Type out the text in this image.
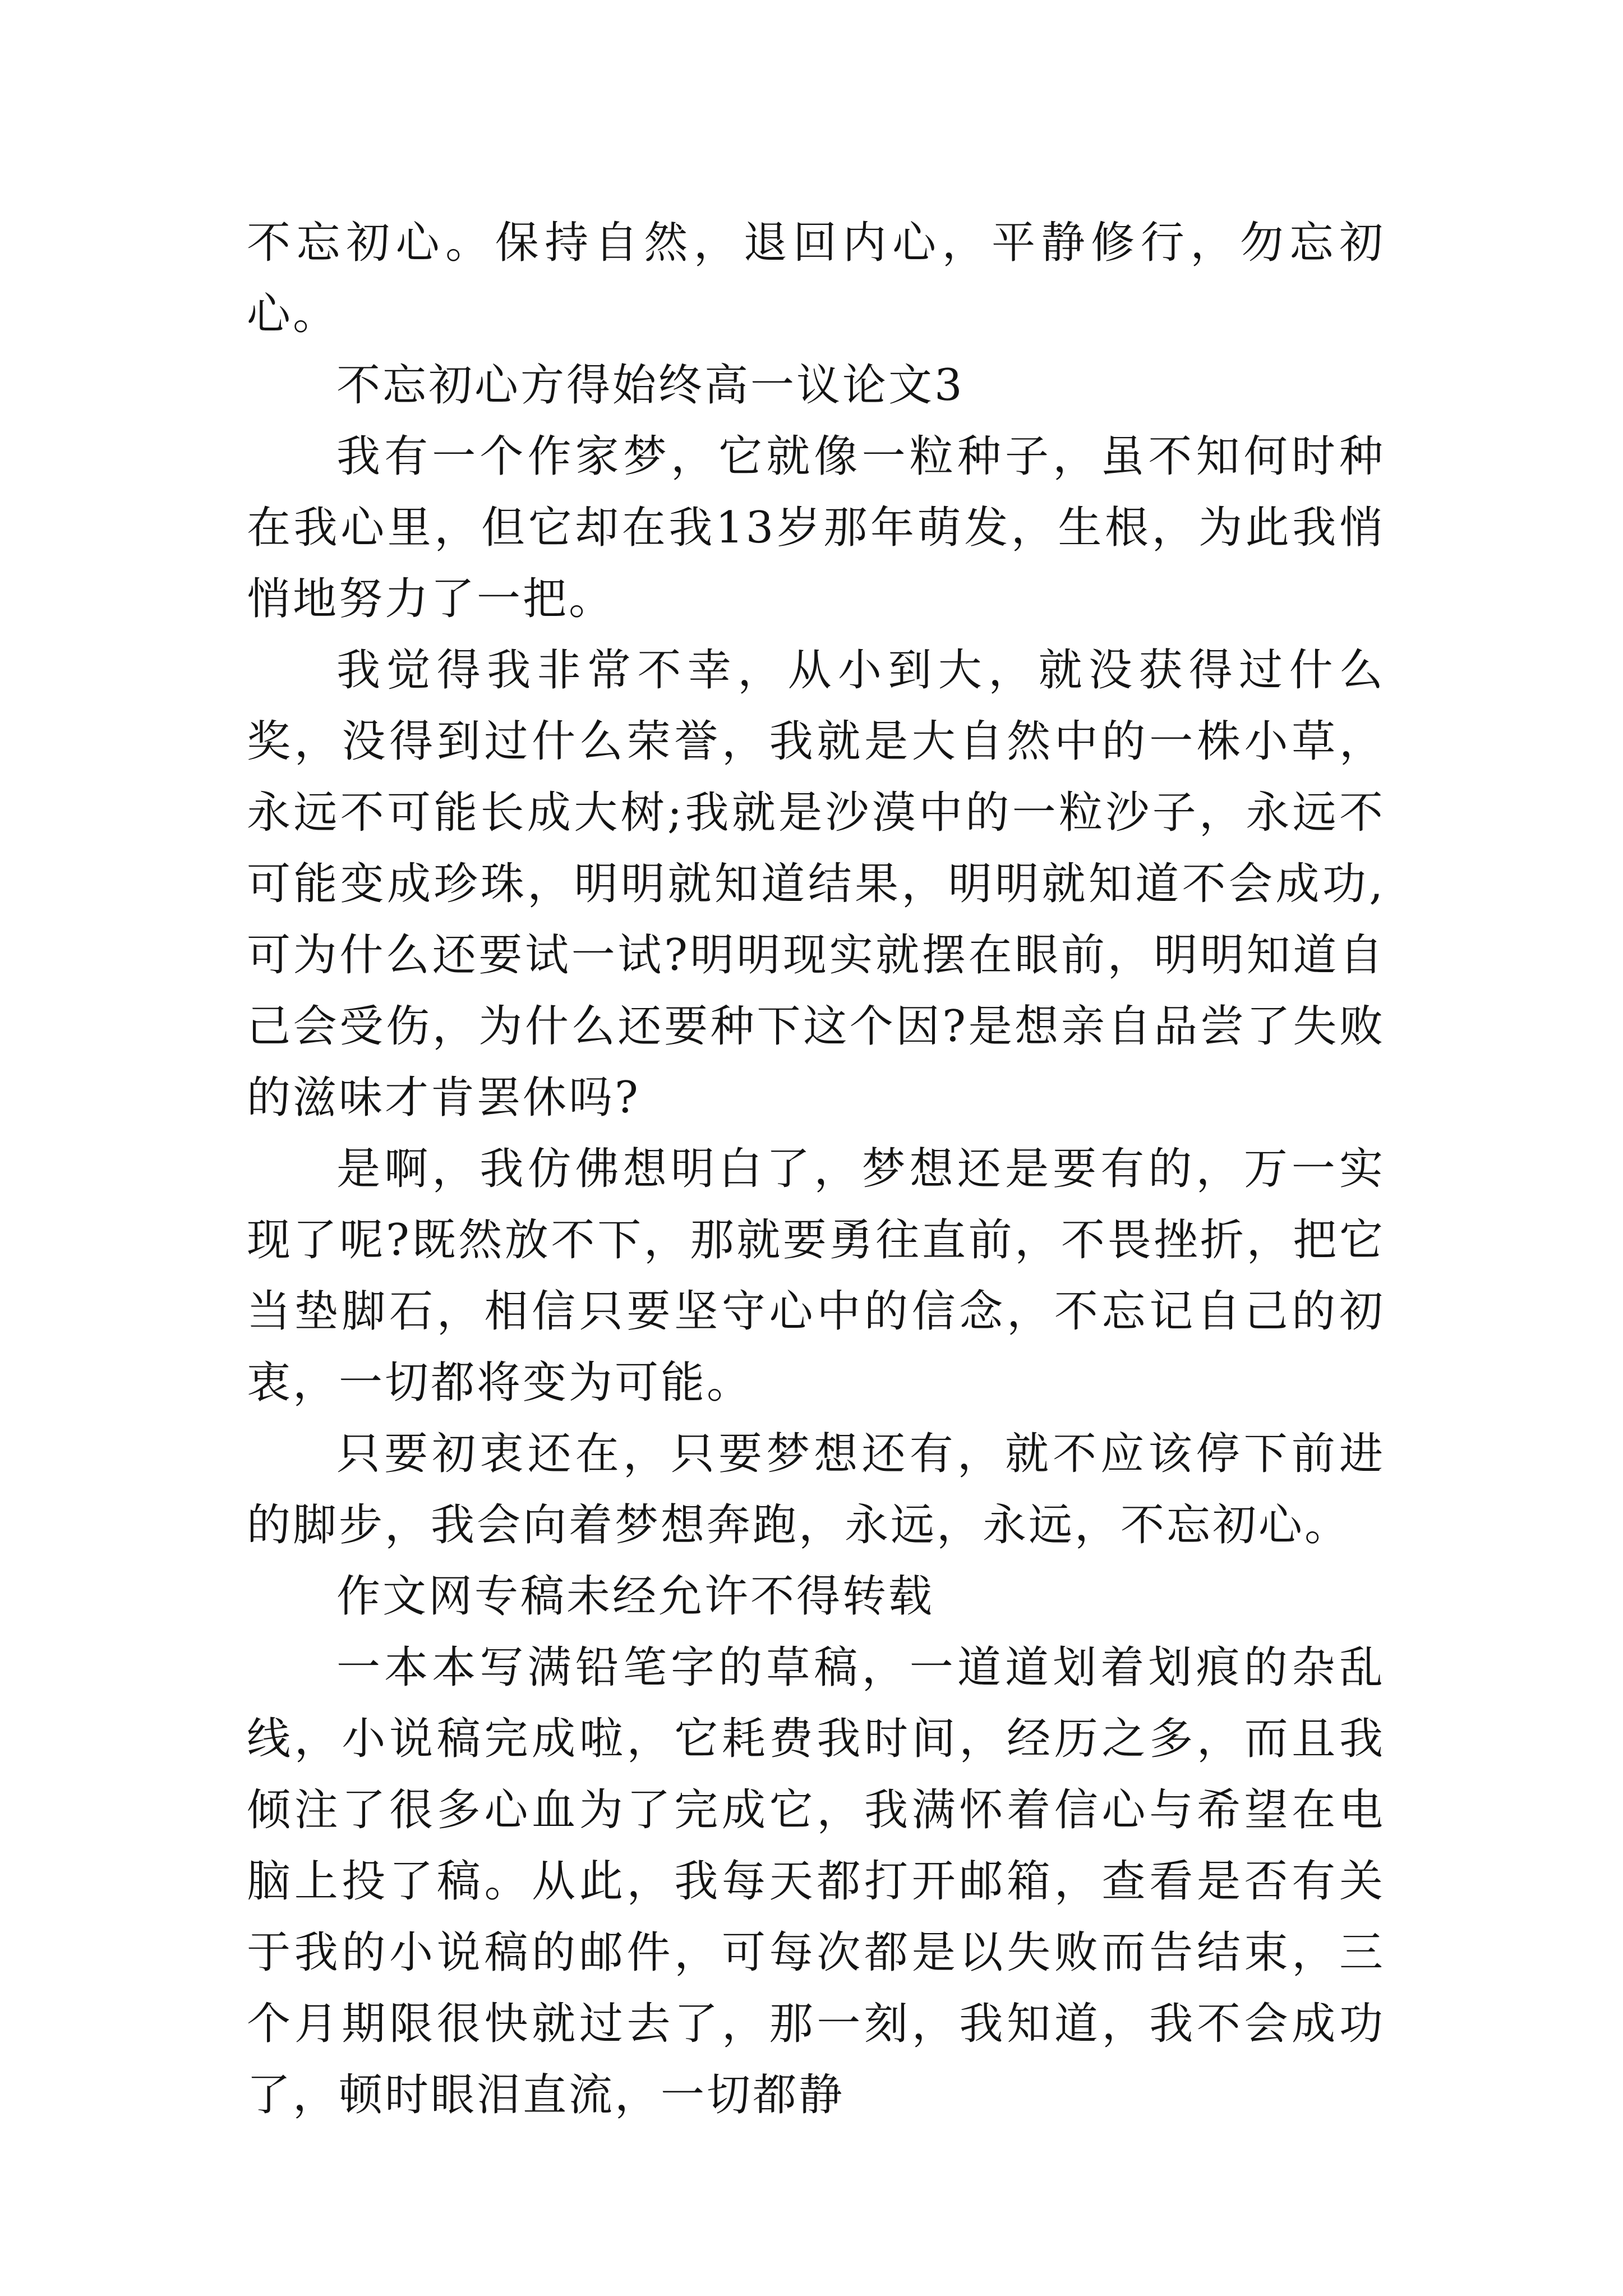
不忘初心。保持自然，退回内心，平静修行，勿忘初心。

不忘初心方得始终高一议论文3

我有一个作家梦，它就像一粒种子，虽不知何时种在我心里，但它却在我13岁那年萌发，生根，为此我悄悄地努力了一把。

我觉得我非常不幸，从小到大，就没获得过什么奖，没得到过什么荣誉，我就是大自然中的一株小草，永远不可能长成大树;我就是沙漠中的一粒沙子，永远不可能变成珍珠，明明就知道结果，明明就知道不会成功,可为什么还要试一试?明明现实就摆在眼前，明明知道自己会受伤，为什么还要种下这个因?是想亲自品尝了失败的滋味才肯罢休吗?

是啊，我仿佛想明白了，梦想还是要有的，万一实现了呢?既然放不下，那就要勇往直前，不畏挫折，把它当垫脚石，相信只要坚守心中的信念，不忘记自己的初衷，一切都将变为可能。

只要初衷还在，只要梦想还有，就不应该停下前进的脚步，我会向着梦想奔跑，永远，永远，不忘初心。

作文网专稿未经允许不得转载

一本本写满铅笔字的草稿，一道道划着划痕的杂乱线，小说稿完成啦，它耗费我时间，经历之多，而且我倾注了很多心血为了完成它，我满怀着信心与希望在电脑上投了稿。从此，我每天都打开邮箱，查看是否有关于我的小说稿的邮件，可每次都是以失败而告结束，三个月期限很快就过去了，那一刻，我知道，我不会成功了，顿时眼泪直流，一切都静
